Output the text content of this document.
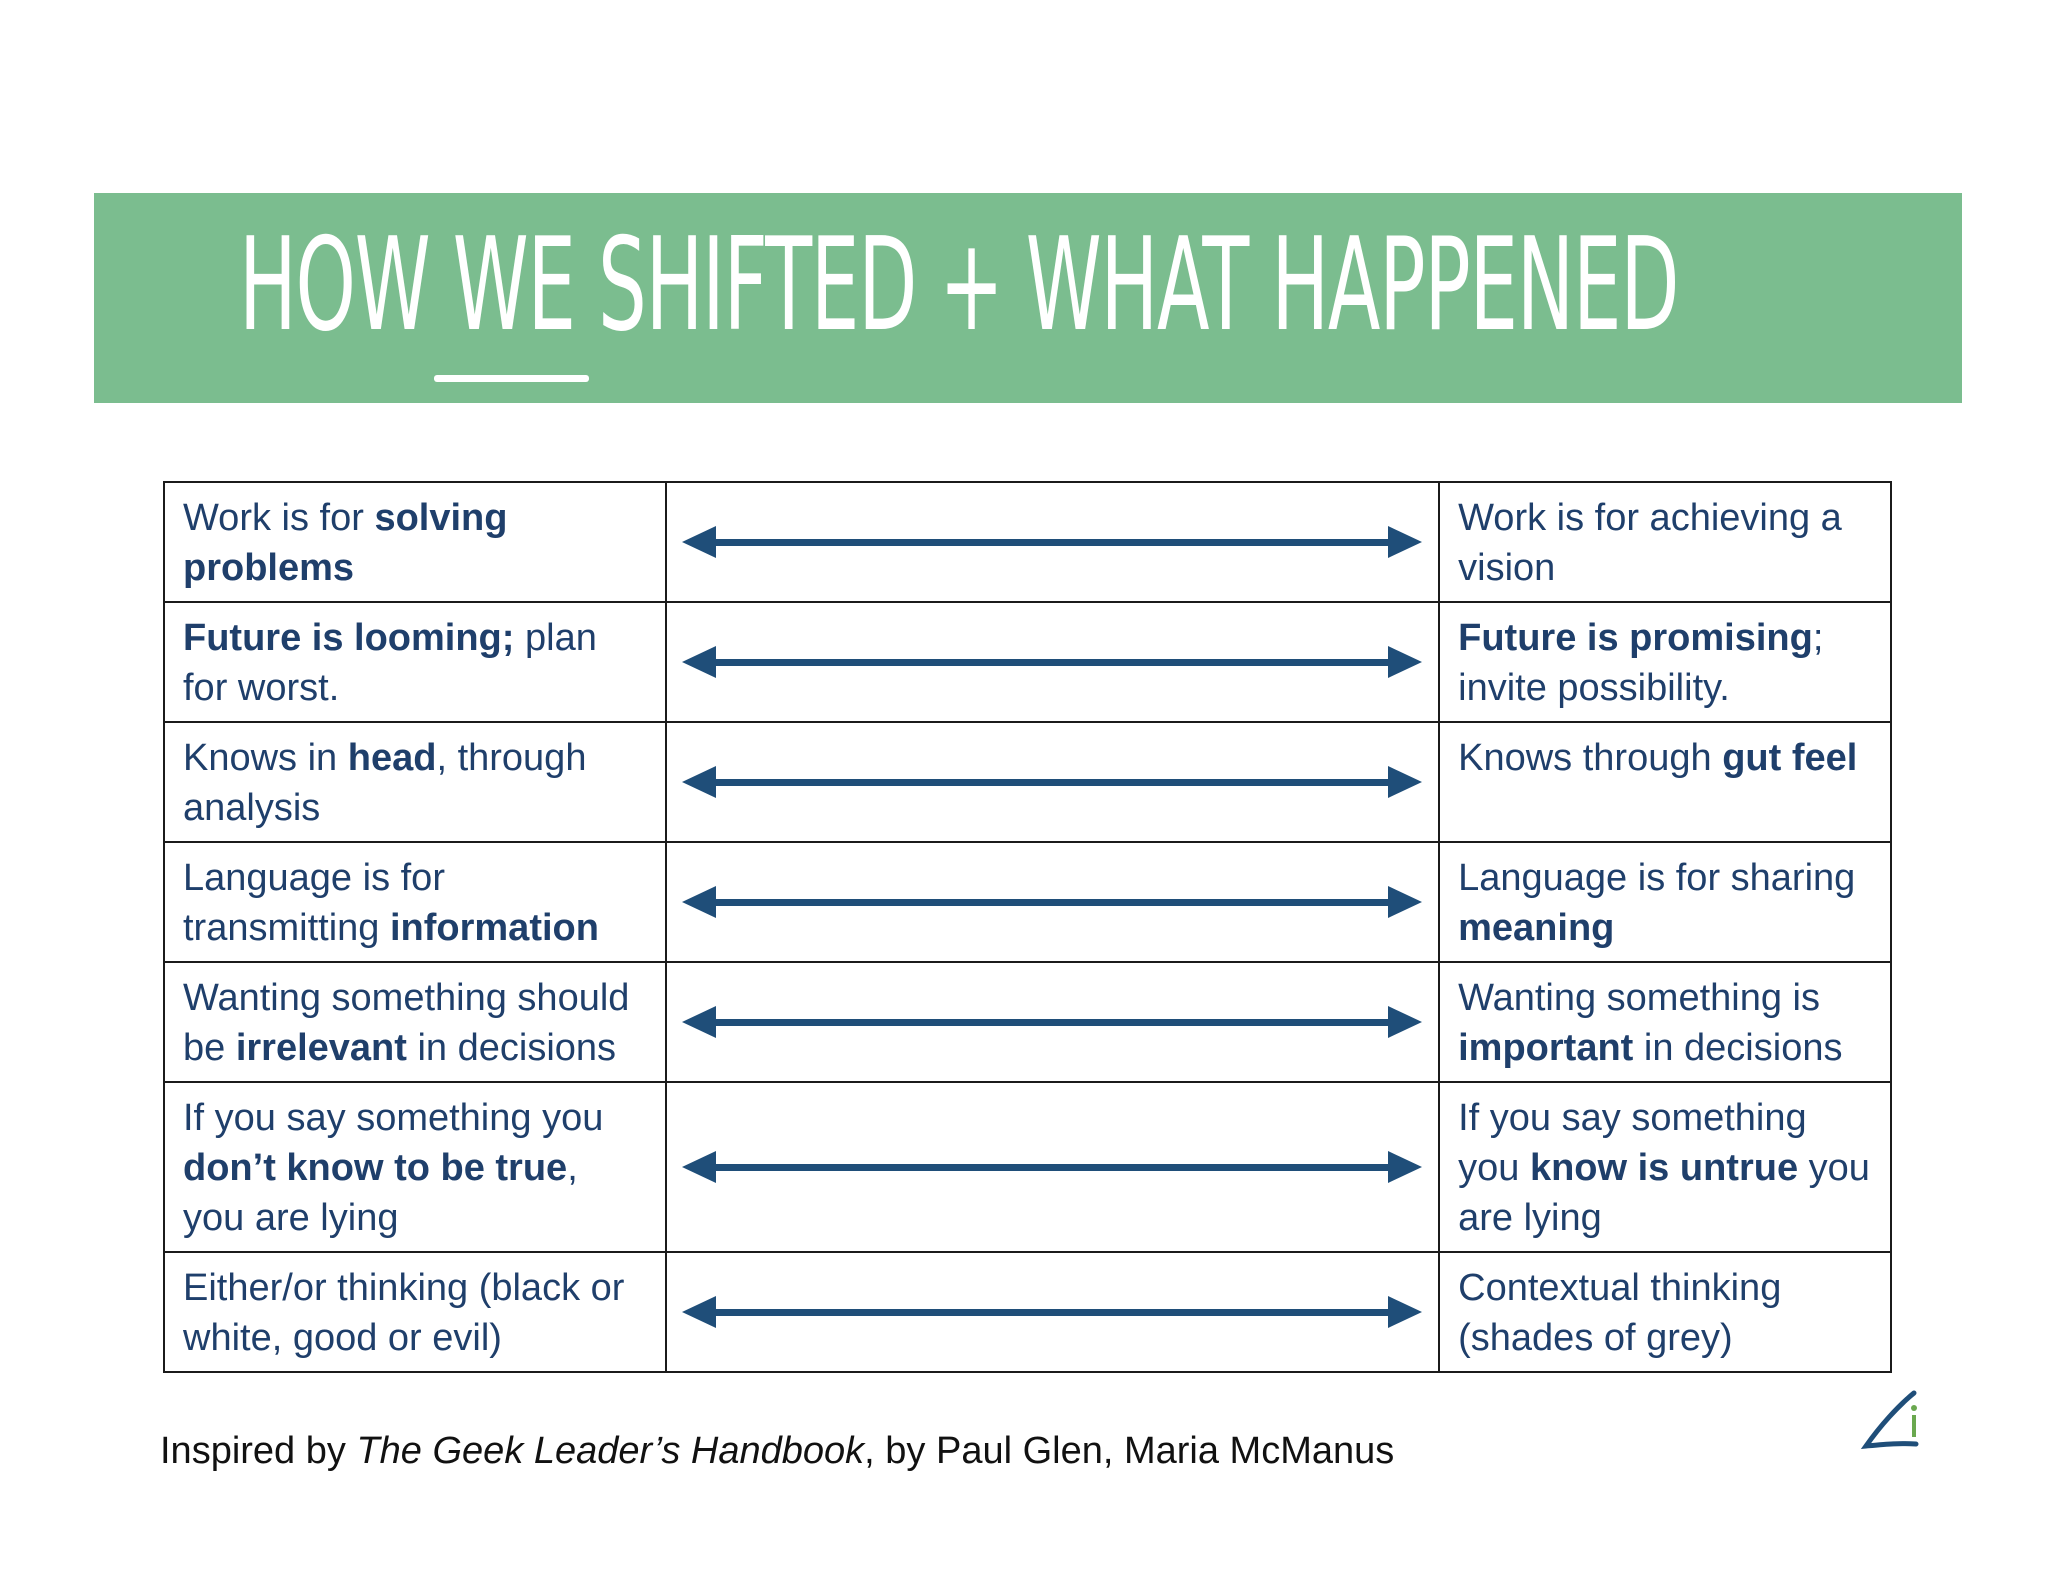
HOW WE SHIFTED + WHAT HAPPENED
Work is for solving problems		Work is for achieving a vision

Future is looming; plan for worst.		Future is promising; invite possibility.

Knows in head, through analysis		Knows through gut feel

Language is for transmitting information		Language is for sharing meaning

Wanting something should be irrelevant in decisions		Wanting something is important in decisions

If you say something you don’t know to be true, you are lying		If you say something you know is untrue you are lying

Either/or thinking (black or white, good or evil)		Contextual thinking (shades of grey)
Inspired by The Geek Leader’s Handbook, by Paul Glen, Maria McManus
